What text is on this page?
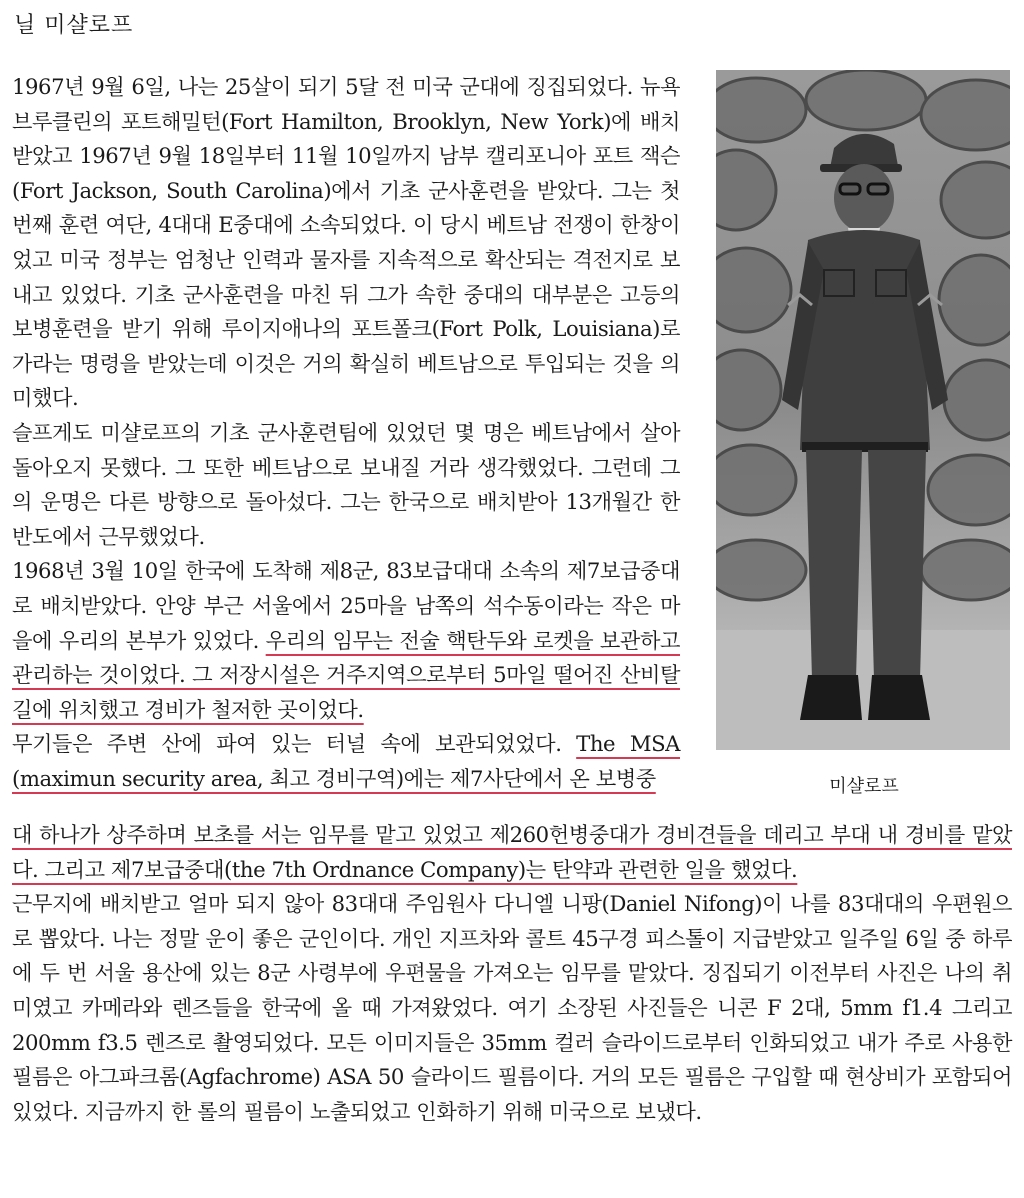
닐 미샬로프

1967년 9월 6일, 나는 25살이 되기 5달 전 미국 군대에 징집되었다. 뉴욕 브루클린의 포트해밀턴(Fort Hamilton, Brooklyn, New York)에 배치받았고 1967년 9월 18일부터 11월 10일까지 남부 캘리포니아 포트 잭슨(Fort Jackson, South Carolina)에서 기초 군사훈련을 받았다. 그는 첫 번째 훈련 여단, 4대대 E중대에 소속되었다. 이 당시 베트남 전쟁이 한창이었고 미국 정부는 엄청난 인력과 물자를 지속적으로 확산되는 격전지로 보내고 있었다. 기초 군사훈련을 마친 뒤 그가 속한 중대의 대부분은 고등의 보병훈련을 받기 위해 루이지애나의 포트폴크(Fort Polk, Louisiana)로 가라는 명령을 받았는데 이것은 거의 확실히 베트남으로 투입되는 것을 의미했다.

슬프게도 미샬로프의 기초 군사훈련팀에 있었던 몇 명은 베트남에서 살아 돌아오지 못했다. 그 또한 베트남으로 보내질 거라 생각했었다. 그런데 그의 운명은 다른 방향으로 돌아섰다. 그는 한국으로 배치받아 13개월간 한반도에서 근무했었다.

1968년 3월 10일 한국에 도착해 제8군, 83보급대대 소속의 제7보급중대로 배치받았다. 안양 부근 서울에서 25마을 남쪽의 석수동이라는 작은 마을에 우리의 본부가 있었다. 우리의 임무는 전술 핵탄두와 로켓을 보관하고 관리하는 것이었다. 그 저장시설은 거주지역으로부터 5마일 떨어진 산비탈 길에 위치했고 경비가 철저한 곳이었다.

무기들은 주변 산에 파여 있는 터널 속에 보관되었었다. The MSA (maximun security area, 최고 경비구역)에는 제7사단에서 온 보병중

대 하나가 상주하며 보초를 서는 임무를 맡고 있었고 제260헌병중대가 경비견들을 데리고 부대 내 경비를 맡았다. 그리고 제7보급중대(the 7th Ordnance Company)는 탄약과 관련한 일을 했었다.

근무지에 배치받고 얼마 되지 않아 83대대 주임원사 다니엘 니팡(Daniel Nifong)이 나를 83대대의 우편원으로 뽑았다. 나는 정말 운이 좋은 군인이다. 개인 지프차와 콜트 45구경 피스톨이 지급받았고 일주일 6일 중 하루에 두 번 서울 용산에 있는 8군 사령부에 우편물을 가져오는 임무를 맡았다. 징집되기 이전부터 사진은 나의 취미였고 카메라와 렌즈들을 한국에 올 때 가져왔었다. 여기 소장된 사진들은 니콘 F 2대, 5mm f1.4 그리고 200mm f3.5 렌즈로 촬영되었다. 모든 이미지들은 35mm 컬러 슬라이드로부터 인화되었고 내가 주로 사용한 필름은 아그파크롬(Agfachrome) ASA 50 슬라이드 필름이다. 거의 모든 필름은 구입할 때 현상비가 포함되어 있었다. 지금까지 한 롤의 필름이 노출되었고 인화하기 위해 미국으로 보냈다.

미샬로프
